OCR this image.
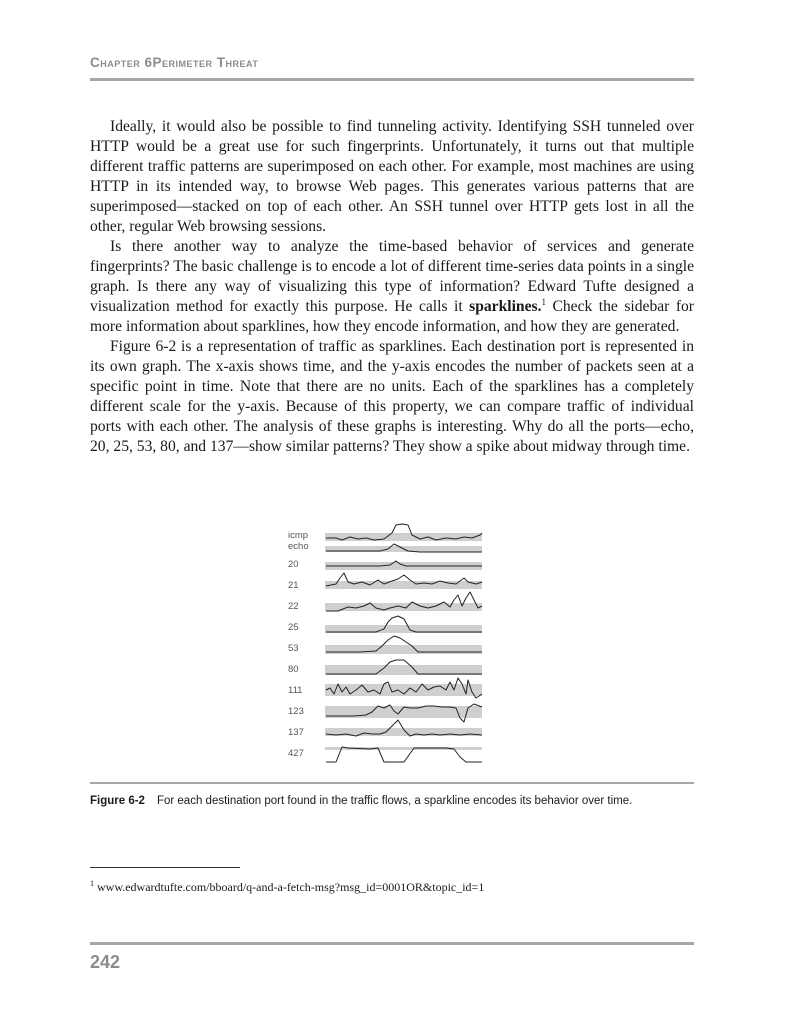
Chapter 6Perimeter Threat

Ideally, it would also be possible to find tunneling activity. Identifying SSH tunneled over HTTP would be a great use for such fingerprints. Unfortunately, it turns out that multiple different traffic patterns are superimposed on each other. For example, most machines are using HTTP in its intended way, to browse Web pages. This generates various patterns that are superimposed—stacked on top of each other. An SSH tunnel over HTTP gets lost in all the other, regular Web browsing sessions.

Is there another way to analyze the time-based behavior of services and generate fingerprints? The basic challenge is to encode a lot of different time-series data points in a single graph. Is there any way of visualizing this type of information? Edward Tufte designed a visualization method for exactly this purpose. He calls it sparklines.$^1$ Check the sidebar for more information about sparklines, how they encode information, and how they are generated.

Figure 6-2 is a representation of traffic as sparklines. Each destination port is represented in its own graph. The x-axis shows time, and the y-axis encodes the number of packets seen at a specific point in time. Note that there are no units. Each of the sparklines has a completely different scale for the y-axis. Because of this property, we can compare traffic of individual ports with each other. The analysis of these graphs is interesting. Why do all the ports—echo, 20, 25, 53, 80, and 137—show similar patterns? They show a spike about midway through time.

icmp
echo
20
21
22
25
53
80
111
123
137
427
Figure 6-2 For each destination port found in the traffic flows, a sparkline encodes its behavior over time.
$^1$ www.edwardtufte.com/bboard/q-and-a-fetch-msg?msg_id=0001OR&topic_id=1
242
